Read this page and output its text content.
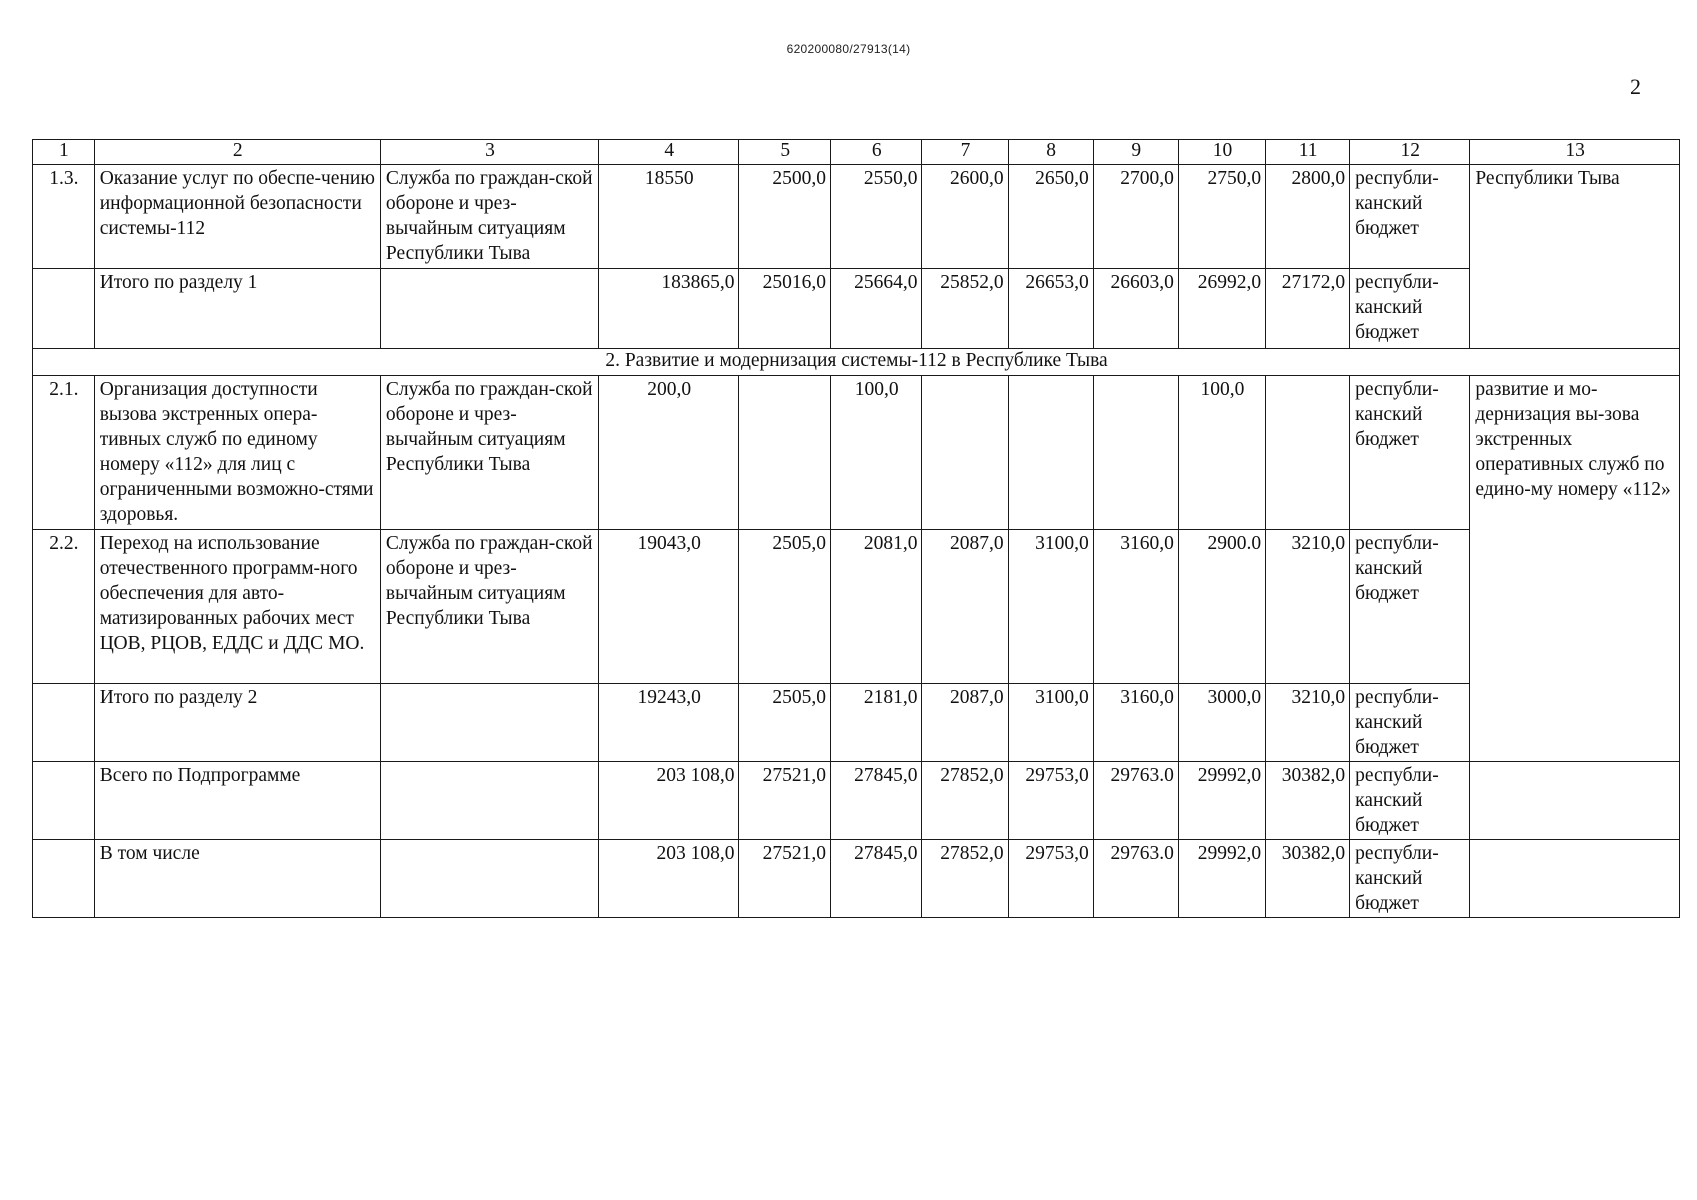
620200080/27913(14)
2
1	2	3	4	5	6	7	8	9	10	11	12	13
1.3.	Оказание услуг по обеспе-чению информационной безопасности системы-112	Служба по граждан-ской обороне и чрез-вычайным ситуациям Республики Тыва	18550	2500,0	2550,0	2600,0	2650,0	2700,0	2750,0	2800,0	республи-канский бюджет	Республики Тыва
	Итого по разделу 1		183865,0	25016,0	25664,0	25852,0	26653,0	26603,0	26992,0	27172,0	республи-канский бюджет	
2. Развитие и модернизация системы-112 в Республике Тыва												
2.1.	Организация доступности вызова экстренных опера-тивных служб по единому номеру «112» для лиц с ограниченными возможно-стями здоровья.	Служба по граждан-ской обороне и чрез-вычайным ситуациям Республики Тыва	200,0		100,0				100,0		республи-канский бюджет	развитие и мо-дернизация вы-зова экстренных оперативных служб по едино-му номеру «112»
2.2.	Переход на использование отечественного программ-ного обеспечения для авто-матизированных рабочих мест ЦОВ, РЦОВ, ЕДДС и ДДС МО.	Служба по граждан-ской обороне и чрез-вычайным ситуациям Республики Тыва	19043,0	2505,0	2081,0	2087,0	3100,0	3160,0	2900.0	3210,0	республи-канский бюджет	
	Итого по разделу 2		19243,0	2505,0	2181,0	2087,0	3100,0	3160,0	3000,0	3210,0	республи-канский бюджет	
	Всего по Подпрограмме		203 108,0	27521,0	27845,0	27852,0	29753,0	29763.0	29992,0	30382,0	республи-канский бюджет	
	В том числе		203 108,0	27521,0	27845,0	27852,0	29753,0	29763.0	29992,0	30382,0	республи-канский бюджет	
